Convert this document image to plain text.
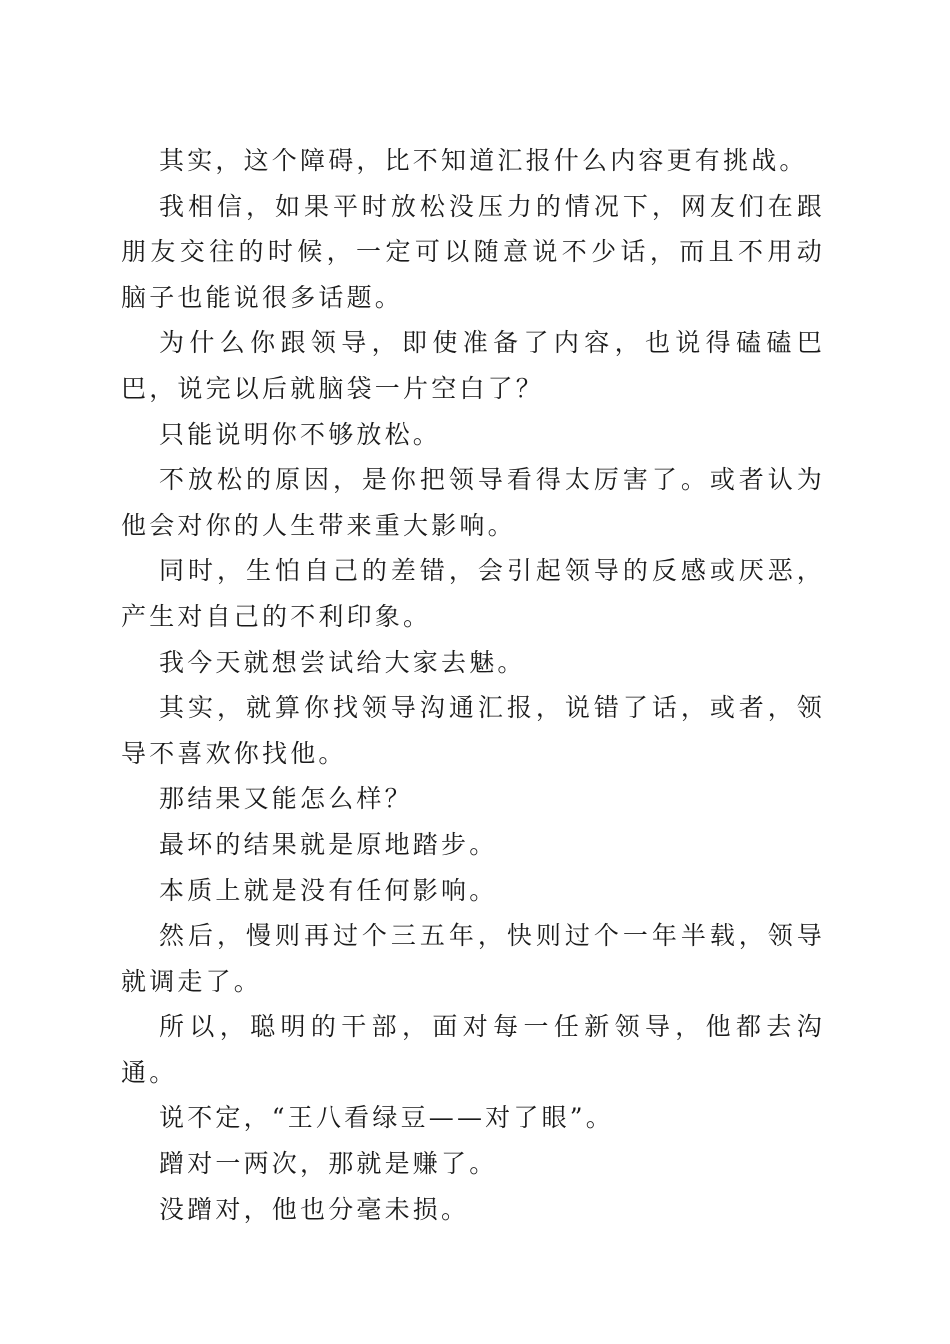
其实，这个障碍，比不知道汇报什么内容更有挑战。

我相信，如果平时放松没压力的情况下，网友们在跟朋友交往的时候，一定可以随意说不少话，而且不用动脑子也能说很多话题。

为什么你跟领导，即使准备了内容，也说得磕磕巴巴，说完以后就脑袋一片空白了？

只能说明你不够放松。

不放松的原因，是你把领导看得太厉害了。或者认为他会对你的人生带来重大影响。

同时，生怕自己的差错，会引起领导的反感或厌恶，产生对自己的不利印象。

我今天就想尝试给大家去魅。

其实，就算你找领导沟通汇报，说错了话，或者，领导不喜欢你找他。

那结果又能怎么样？

最坏的结果就是原地踏步。

本质上就是没有任何影响。

然后，慢则再过个三五年，快则过个一年半载，领导就调走了。

所以，聪明的干部，面对每一任新领导，他都去沟通。

说不定，“王八看绿豆——对了眼”。

蹭对一两次，那就是赚了。

没蹭对，他也分毫未损。
